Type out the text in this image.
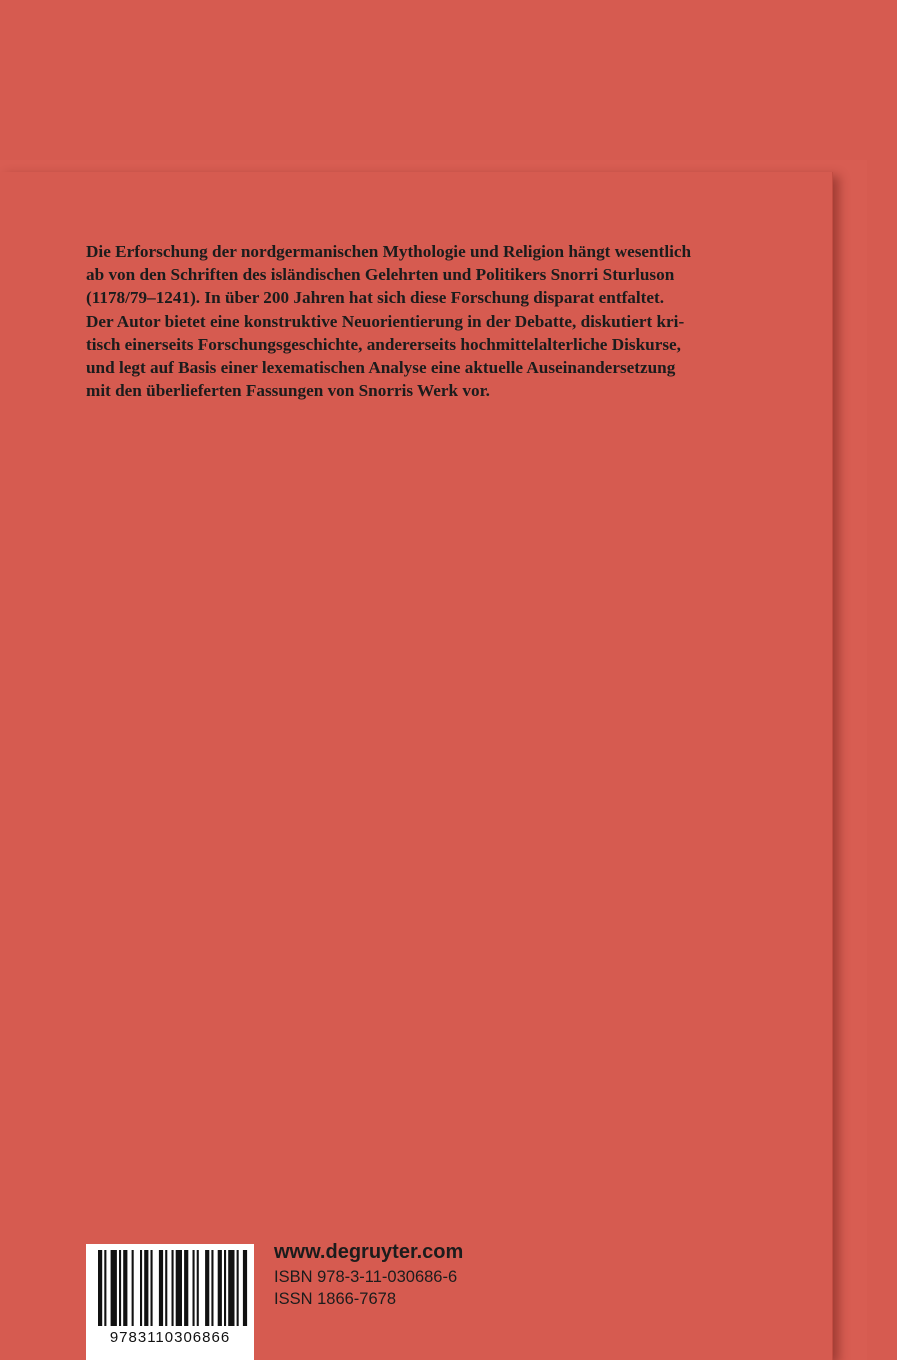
Die Erforschung der nordgermanischen Mythologie und Religion hängt wesentlich
ab von den Schriften des isländischen Gelehrten und Politikers Snorri Sturluson
(1178/79–1241). In über 200 Jahren hat sich diese Forschung disparat entfaltet.
Der Autor bietet eine konstruktive Neuorientierung in der Debatte, diskutiert kri-
tisch einerseits Forschungsgeschichte, andererseits hochmittelalterliche Diskurse,
und legt auf Basis einer lexematischen Analyse eine aktuelle Auseinandersetzung
mit den überlieferten Fassungen von Snorris Werk vor.

9783110306866

www.degruyter.com

ISBN 978-3-11-030686-6

ISSN 1866-7678
